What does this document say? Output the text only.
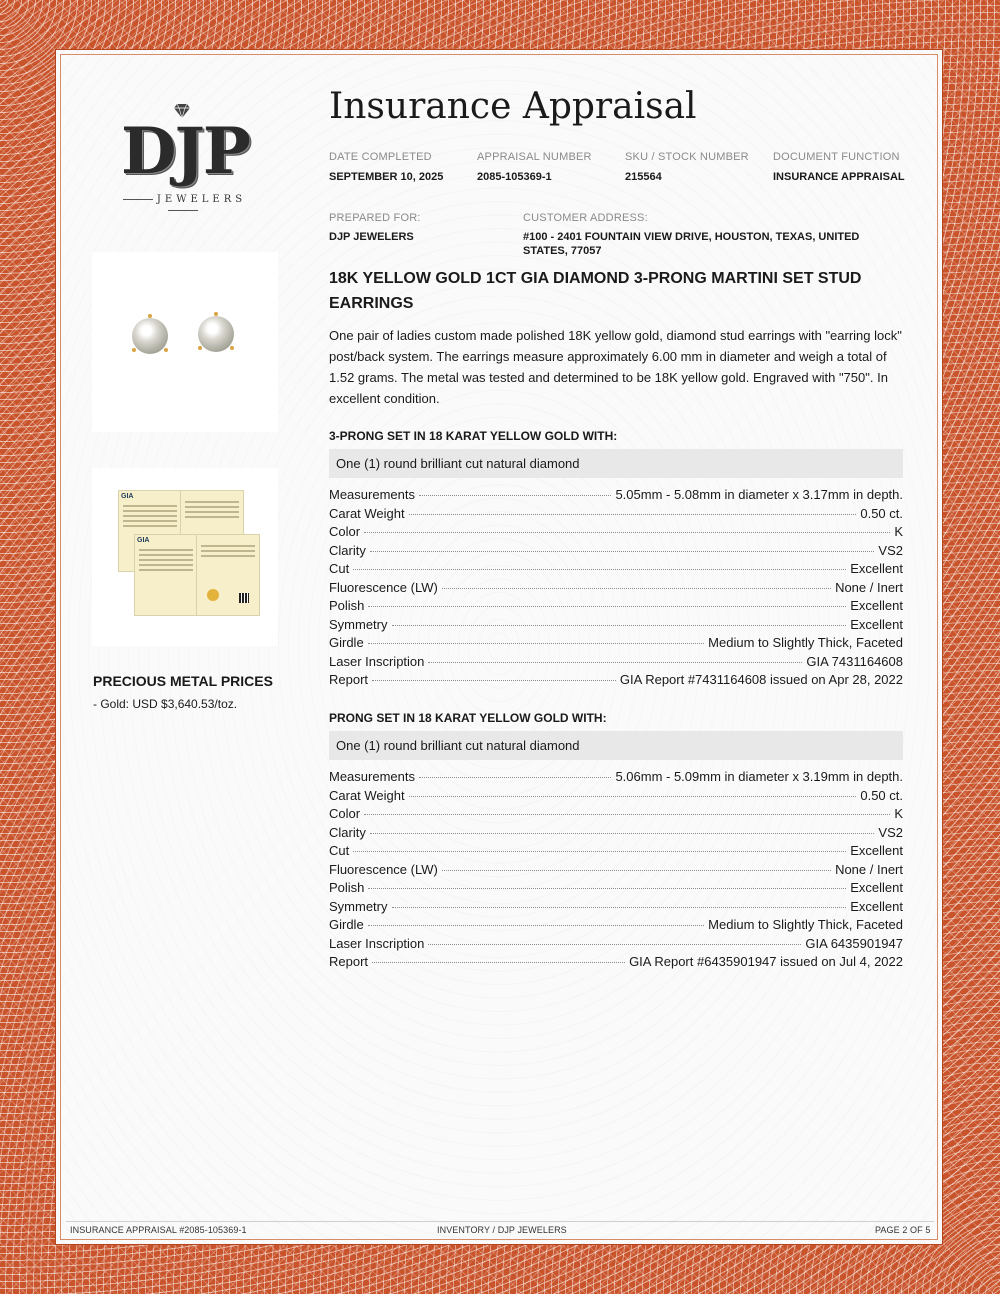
DJP
JEWELERS
GIA
GIA
PRECIOUS METAL PRICES
- Gold: USD $3,640.53/toz.
Insurance Appraisal
DATE COMPLETED
SEPTEMBER 10, 2025
APPRAISAL NUMBER
2085-105369-1
SKU / STOCK NUMBER
215564
DOCUMENT FUNCTION
INSURANCE APPRAISAL
PREPARED FOR:
DJP JEWELERS
CUSTOMER ADDRESS:
#100 - 2401 FOUNTAIN VIEW DRIVE, HOUSTON, TEXAS, UNITED STATES, 77057
18K YELLOW GOLD 1CT GIA DIAMOND 3-PRONG MARTINI SET STUD EARRINGS
One pair of ladies custom made polished 18K yellow gold, diamond stud earrings with "earring lock" post/back system. The earrings measure approximately 6.00 mm in diameter and weigh a total of 1.52 grams. The metal was tested and determined to be 18K yellow gold. Engraved with "750". In excellent condition.
3-PRONG SET IN 18 KARAT YELLOW GOLD WITH:
One (1) round brilliant cut natural diamond
Measurements	5.05mm - 5.08mm in diameter x 3.17mm in depth.
Carat Weight	0.50 ct.
Color	K
Clarity	VS2
Cut	Excellent
Fluorescence (LW)	None / Inert
Polish	Excellent
Symmetry	Excellent
Girdle	Medium to Slightly Thick, Faceted
Laser Inscription	GIA 7431164608
Report	GIA Report #7431164608 issued on Apr 28, 2022
PRONG SET IN 18 KARAT YELLOW GOLD WITH:
One (1) round brilliant cut natural diamond
Measurements	5.06mm - 5.09mm in diameter x 3.19mm in depth.
Carat Weight	0.50 ct.
Color	K
Clarity	VS2
Cut	Excellent
Fluorescence (LW)	None / Inert
Polish	Excellent
Symmetry	Excellent
Girdle	Medium to Slightly Thick, Faceted
Laser Inscription	GIA 6435901947
Report	GIA Report #6435901947 issued on Jul 4, 2022
INSURANCE APPRAISAL #2085-105369-1	INVENTORY / DJP JEWELERS	PAGE 2 OF 5
